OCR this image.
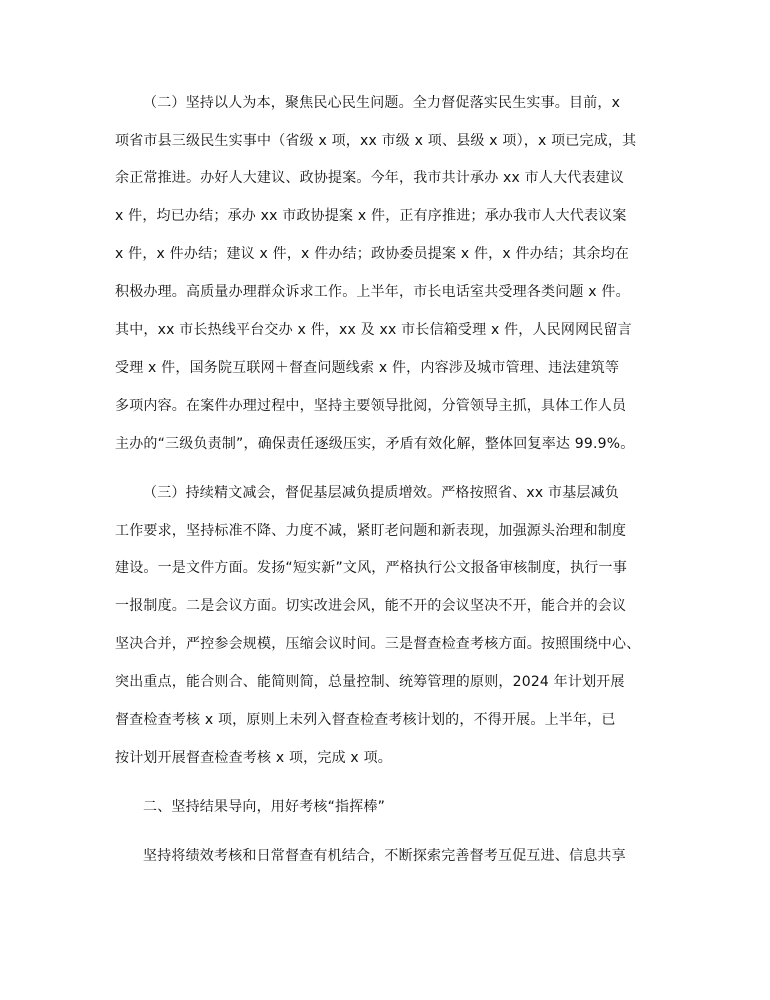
（二）坚持以人为本，聚焦民心民生问题。全力督促落实民生实事。目前，x
项省市县三级民生实事中（省级 x 项，xx 市级 x 项、县级 x 项），x 项已完成，其
余正常推进。办好人大建议、政协提案。今年，我市共计承办 xx 市人大代表建议
x 件，均已办结；承办 xx 市政协提案 x 件，正有序推进；承办我市人大代表议案
x 件，x 件办结；建议 x 件，x 件办结；政协委员提案 x 件，x 件办结；其余均在
积极办理。高质量办理群众诉求工作。上半年，市长电话室共受理各类问题 x 件。
其中，xx 市长热线平台交办 x 件，xx 及 xx 市长信箱受理 x 件，人民网网民留言
受理 x 件，国务院互联网＋督查问题线索 x 件，内容涉及城市管理、违法建筑等
多项内容。在案件办理过程中，坚持主要领导批阅，分管领导主抓，具体工作人员
主办的“三级负责制”，确保责任逐级压实，矛盾有效化解，整体回复率达 99.9%。
（三）持续精文减会，督促基层减负提质增效。严格按照省、xx 市基层减负
工作要求，坚持标准不降、力度不减，紧盯老问题和新表现，加强源头治理和制度
建设。一是文件方面。发扬“短实新”文风，严格执行公文报备审核制度，执行一事
一报制度。二是会议方面。切实改进会风，能不开的会议坚决不开，能合并的会议
坚决合并，严控参会规模，压缩会议时间。三是督查检查考核方面。按照围绕中心、
突出重点，能合则合、能简则简，总量控制、统筹管理的原则，2024 年计划开展
督查检查考核 x 项，原则上未列入督查检查考核计划的，不得开展。上半年，已
按计划开展督查检查考核 x 项，完成 x 项。
二、坚持结果导向，用好考核“指挥棒”
坚持将绩效考核和日常督查有机结合，不断探索完善督考互促互进、信息共享
